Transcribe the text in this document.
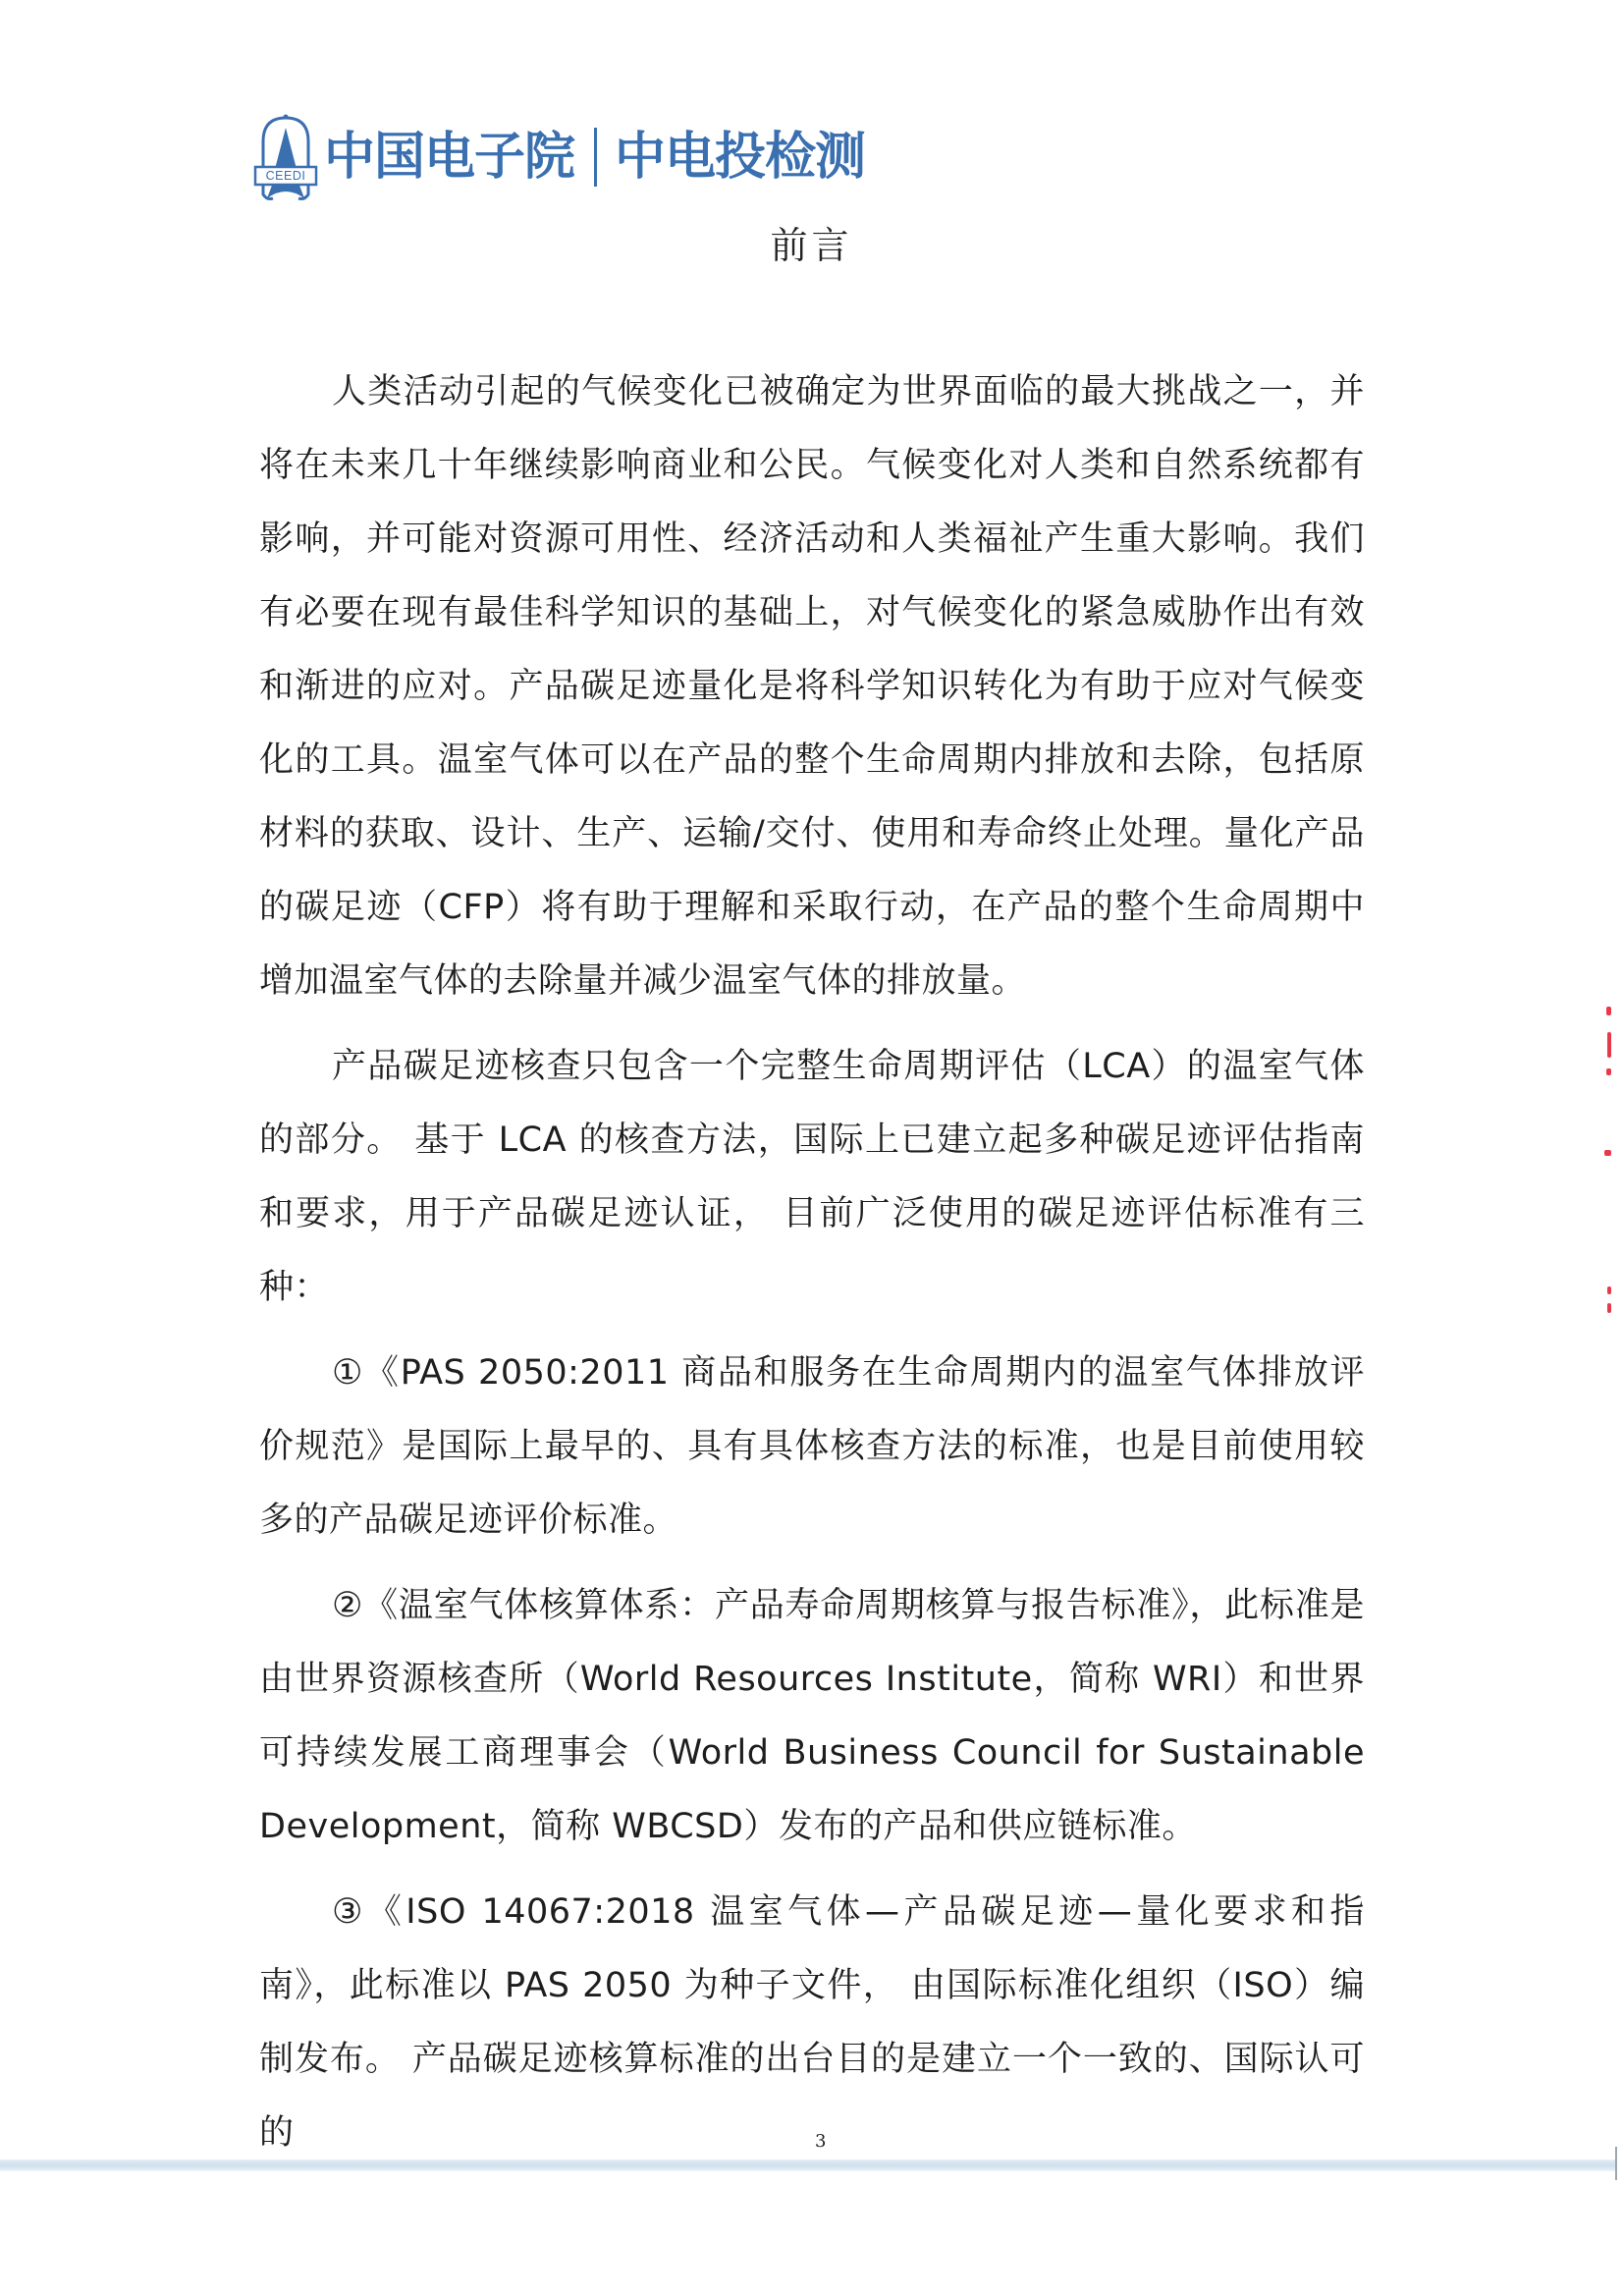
CEEDI 中国电子院 中电投检测
前言

人类活动引起的气候变化已被确定为世界面临的最大挑战之一，并将在未来几十年继续影响商业和公民。气候变化对人类和自然系统都有影响，并可能对资源可用性、经济活动和人类福祉产生重大影响。我们有必要在现有最佳科学知识的基础上，对气候变化的紧急威胁作出有效和渐进的应对。产品碳足迹量化是将科学知识转化为有助于应对气候变化的工具。温室气体可以在产品的整个生命周期内排放和去除，包括原材料的获取、设计、生产、运输/交付、使用和寿命终止处理。量化产品的碳足迹（CFP）将有助于理解和采取行动，在产品的整个生命周期中增加温室气体的去除量并减少温室气体的排放量。

产品碳足迹核查只包含一个完整生命周期评估（LCA）的温室气体的部分。 基于 LCA 的核查方法，国际上已建立起多种碳足迹评估指南和要求，用于产品碳足迹认证， 目前广泛使用的碳足迹评估标准有三种：

①《PAS 2050:2011 商品和服务在生命周期内的温室气体排放评价规范》是国际上最早的、具有具体核查方法的标准，也是目前使用较多的产品碳足迹评价标准。

②《温室气体核算体系：产品寿命周期核算与报告标准》，此标准是由世界资源核查所（World Resources Institute，简称 WRI）和世界可持续发展工商理事会（World Business Council for Sustainable Development，简称 WBCSD）发布的产品和供应链标准。

③《ISO 14067:2018 温室气体—产品碳足迹—量化要求和指南》，此标准以 PAS 2050 为种子文件， 由国际标准化组织（ISO）编制发布。 产品碳足迹核算标准的出台目的是建立一个一致的、国际认可的	3
